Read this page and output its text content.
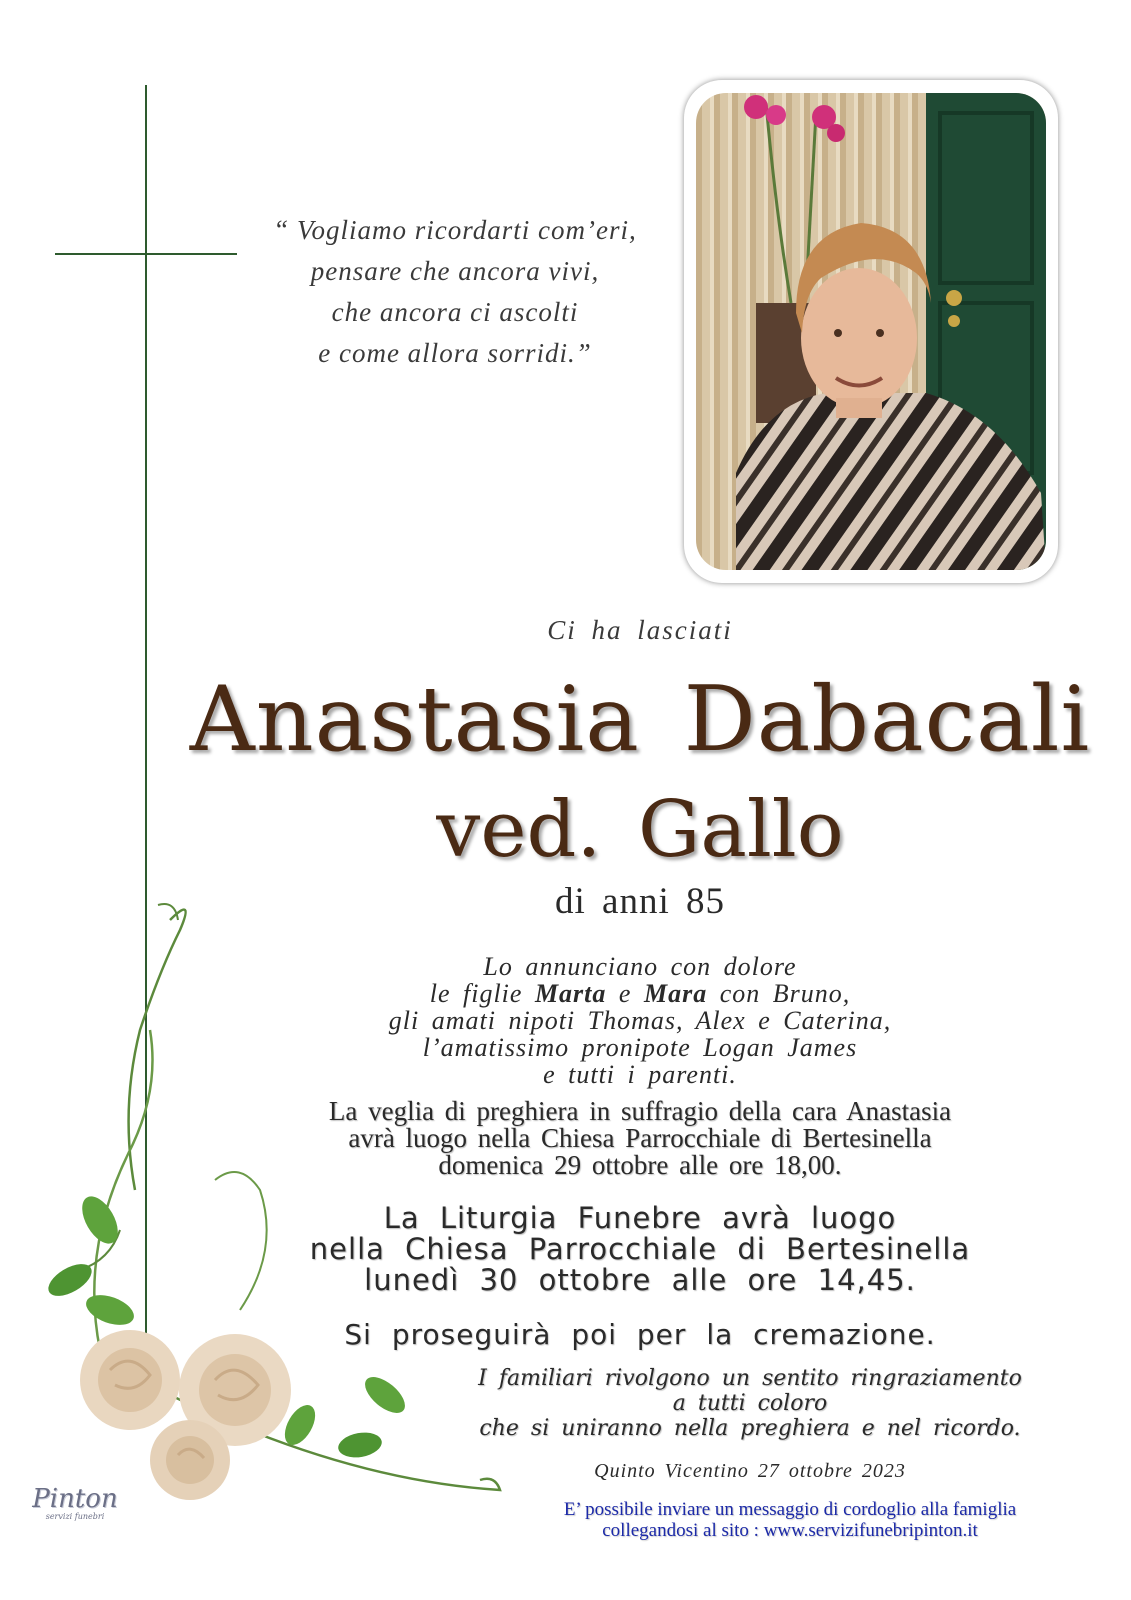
“ Vogliamo ricordarti com’eri,
pensare che ancora vivi,
che ancora ci ascolti
e come allora sorridi.”
Ci ha lasciati
Anastasia Dabacali
ved. Gallo
di anni 85
Lo annunciano con dolore
le figlie Marta e Mara con Bruno,
gli amati nipoti Thomas, Alex e Caterina,
l’amatissimo pronipote Logan James
e tutti i parenti.
La veglia di preghiera in suffragio della cara Anastasia
avrà luogo nella Chiesa Parrocchiale di Bertesinella
domenica 29 ottobre alle ore 18,00.
La Liturgia Funebre avrà luogo
nella Chiesa Parrocchiale di Bertesinella
lunedì 30 ottobre alle ore 14,45.
Si proseguirà poi per la cremazione.
I familiari rivolgono un sentito ringraziamento
a tutti coloro
che si uniranno nella preghiera e nel ricordo.
Quinto Vicentino 27 ottobre 2023
E’ possibile inviare un messaggio di cordoglio alla famiglia
collegandosi al sito : www.servizifunebripinton.it
Pinton
servizi funebri
